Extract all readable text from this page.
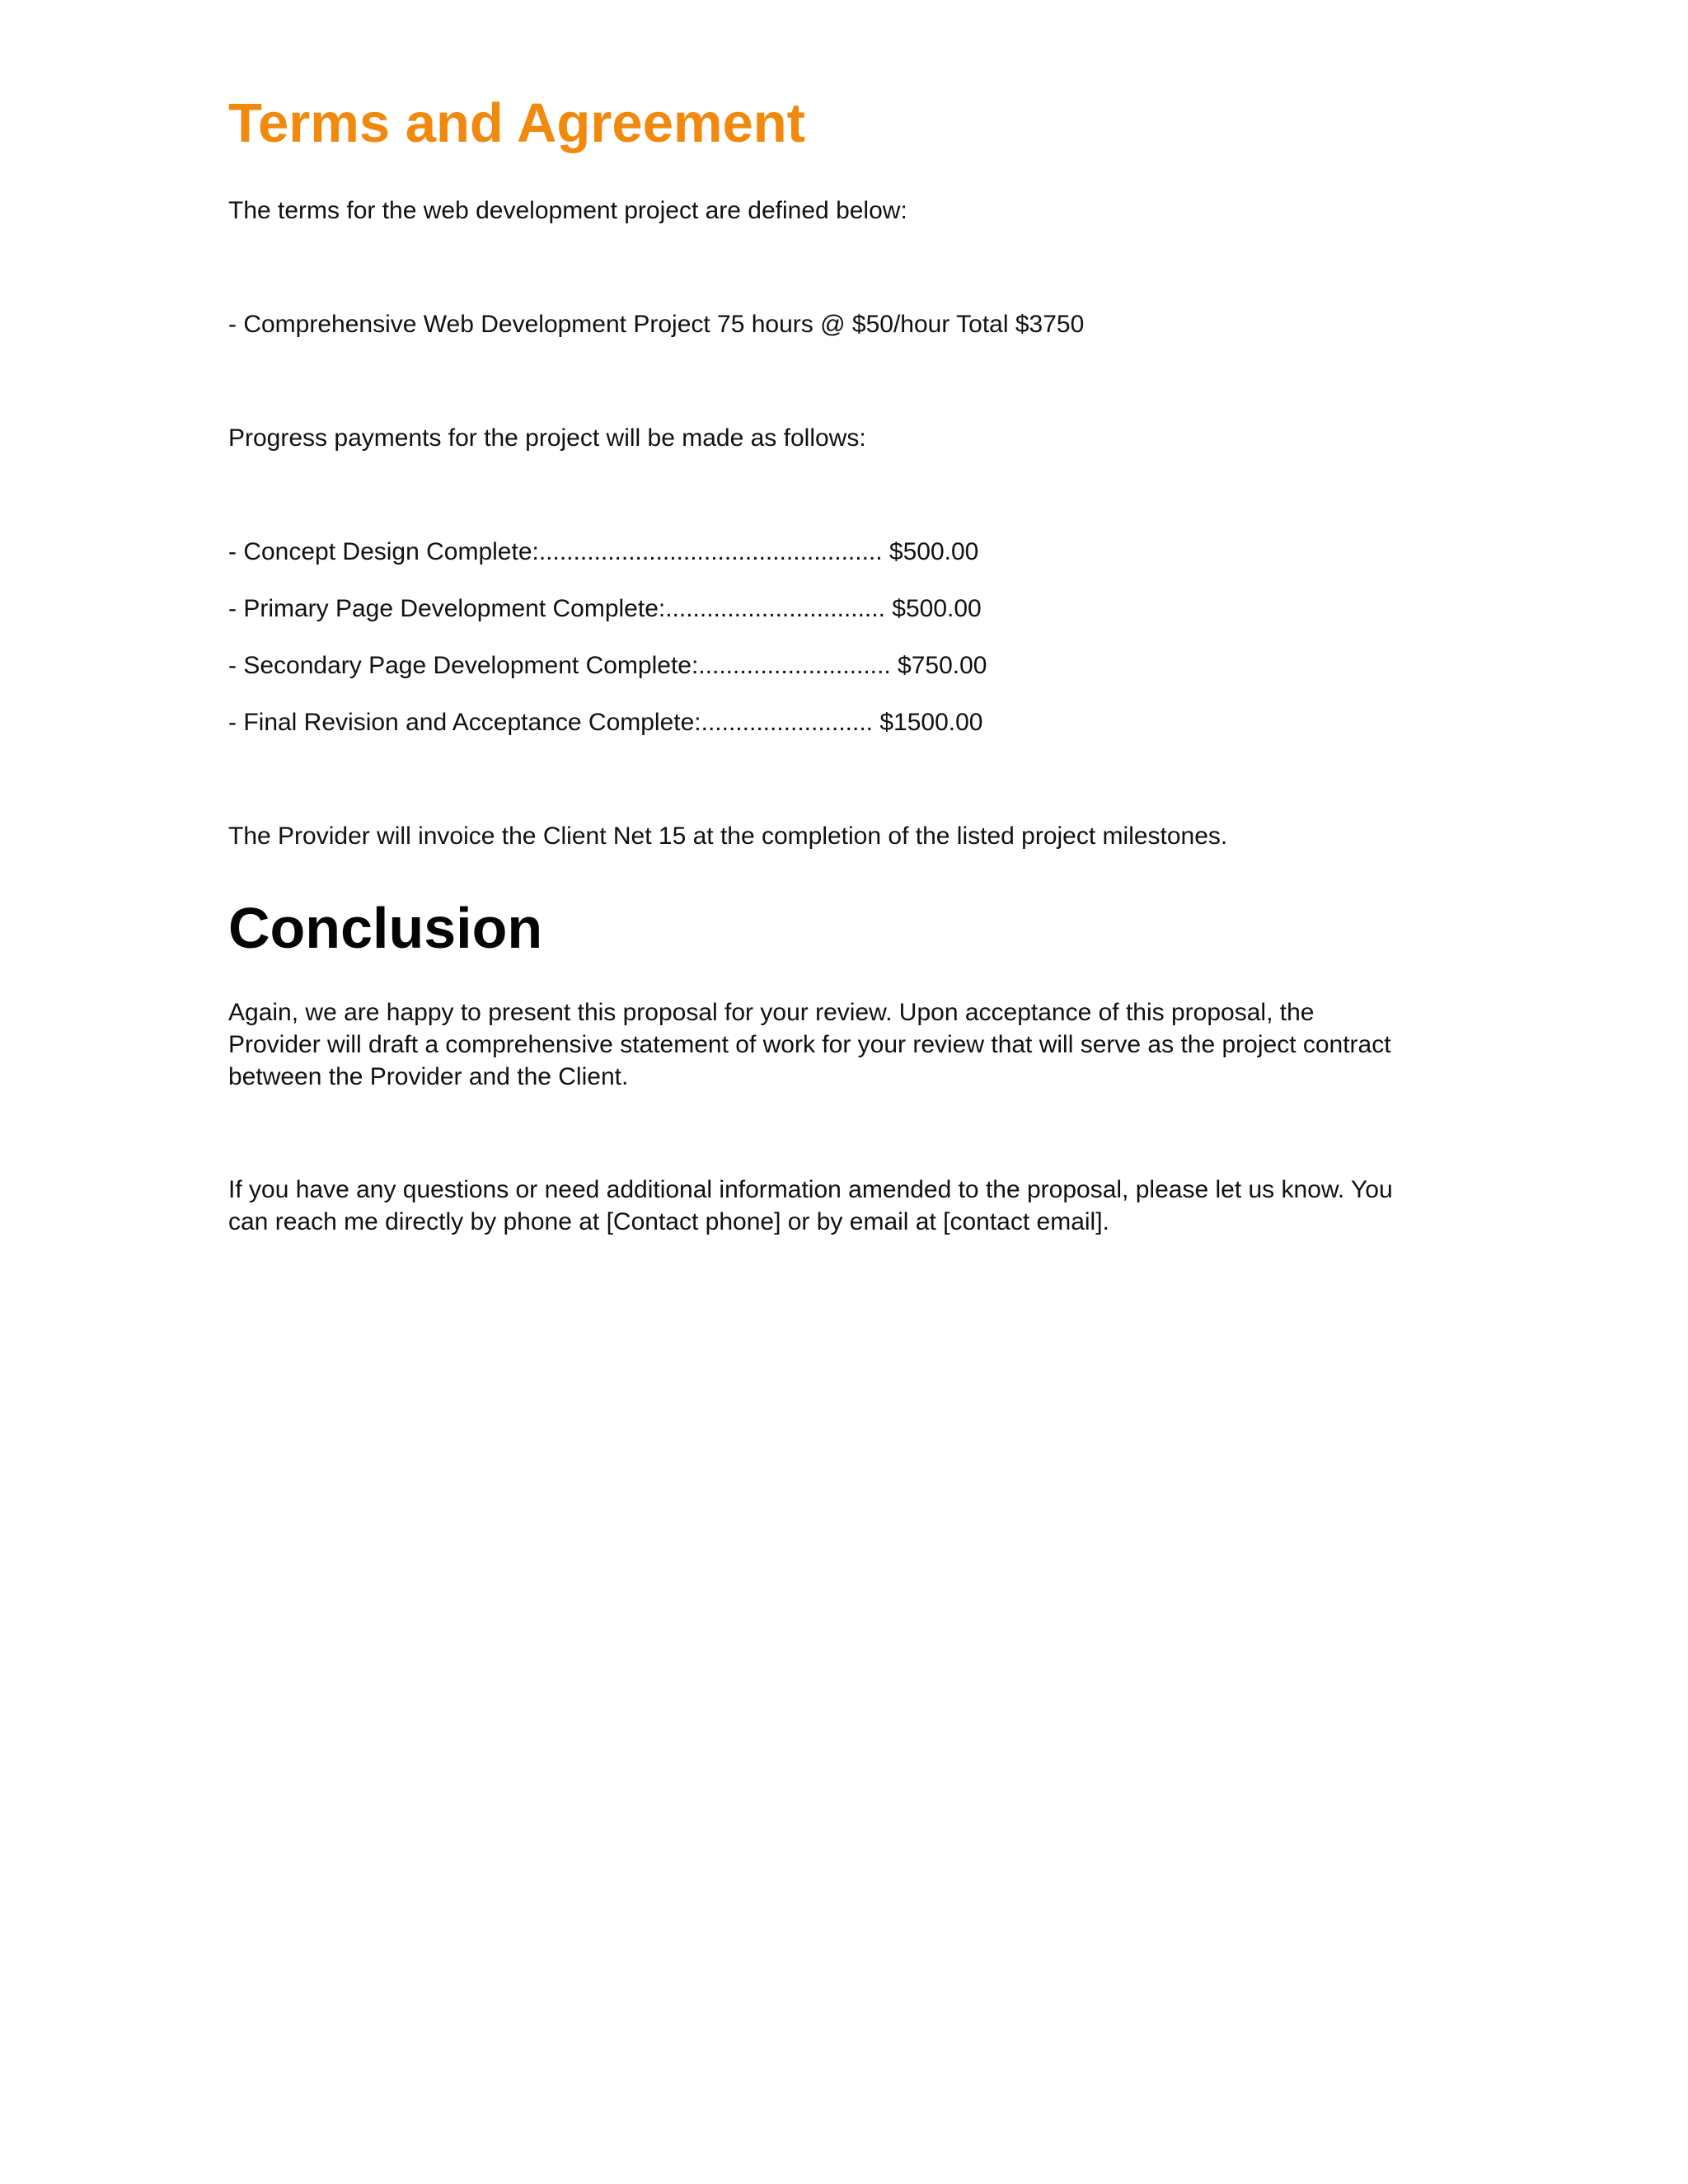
Terms and Agreement

The terms for the web development project are defined below:

- Comprehensive Web Development Project 75 hours @ $50/hour Total $3750

Progress payments for the project will be made as follows:

- Concept Design Complete:.................................................. $500.00

- Primary Page Development Complete:................................ $500.00

- Secondary Page Development Complete:............................ $750.00

- Final Revision and Acceptance Complete:......................... $1500.00

The Provider will invoice the Client Net 15 at the completion of the listed project milestones.

Conclusion

Again, we are happy to present this proposal for your review. Upon acceptance of this proposal, the
Provider will draft a comprehensive statement of work for your review that will serve as the project contract
between the Provider and the Client.

If you have any questions or need additional information amended to the proposal, please let us know. You
can reach me directly by phone at [Contact phone] or by email at [contact email].
